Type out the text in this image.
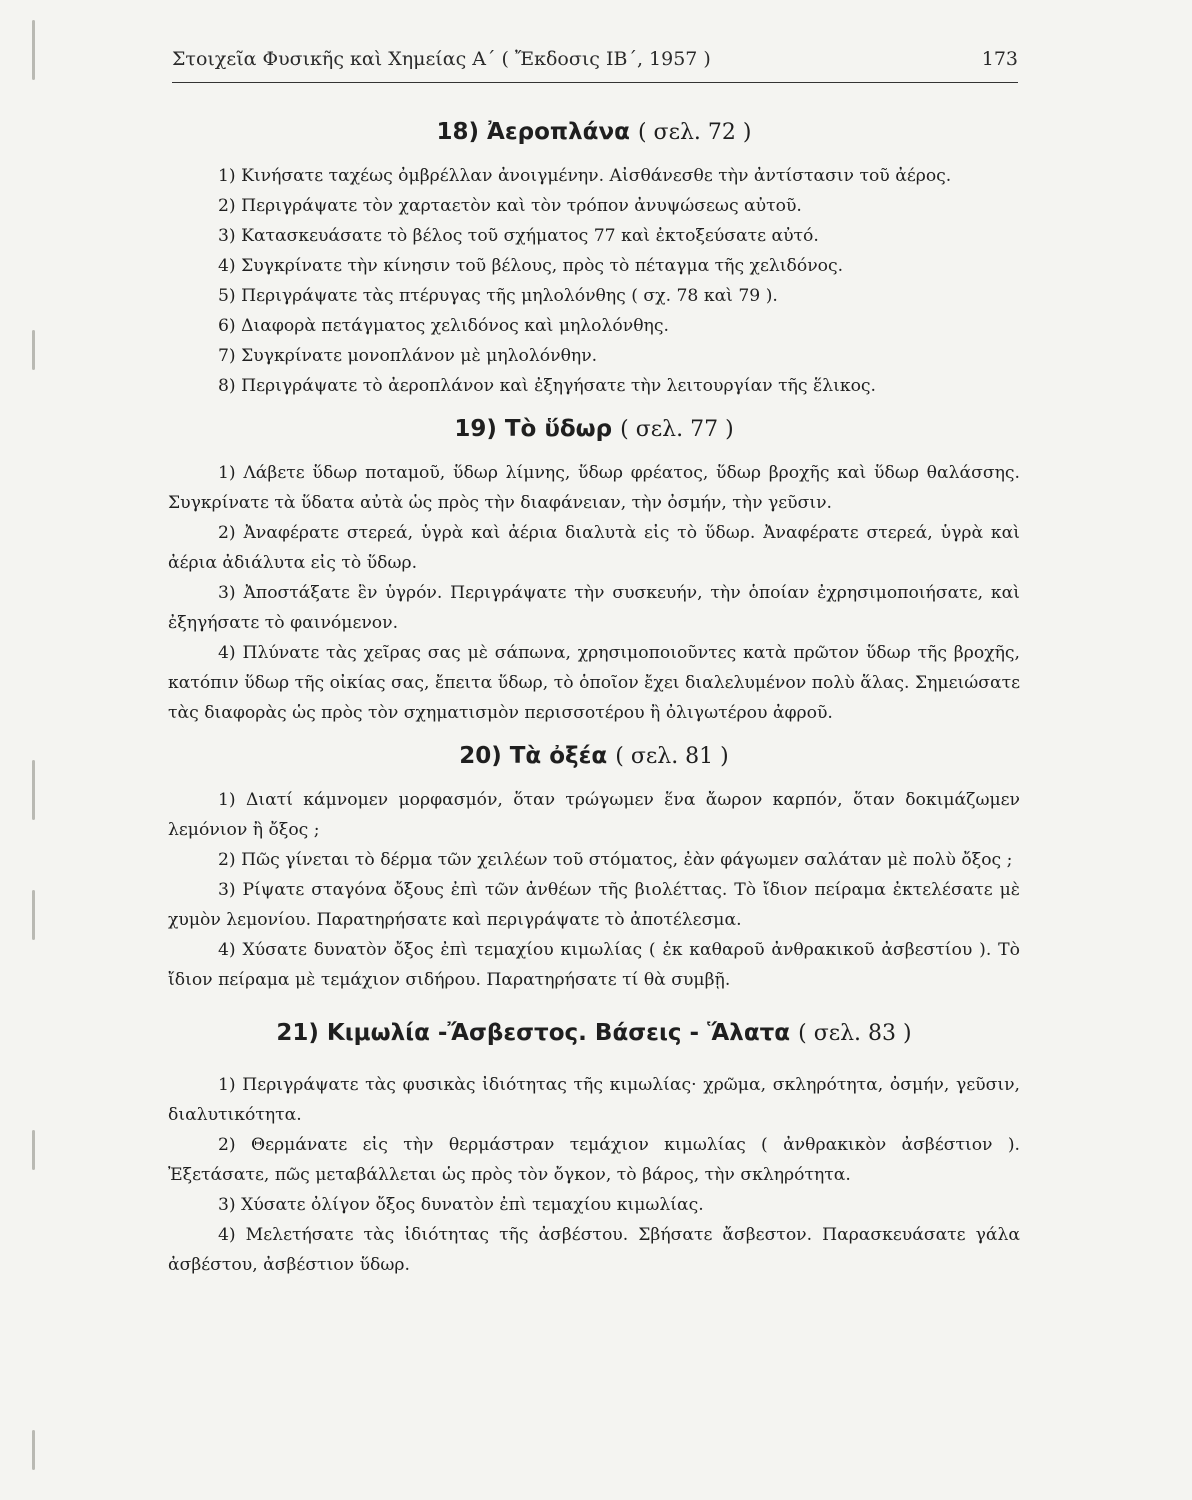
Στοιχεῖα Φυσικῆς καὶ Χημείας Α΄ ( Ἔκδοσις ΙΒ΄, 1957 )	173
18) Ἀεροπλάνα ( σελ. 72 )

1) Κινήσατε ταχέως ὀμβρέλλαν ἀνοιγμένην. Αἰσθάνεσθε τὴν ἀντίστασιν τοῦ ἀέρος.

2) Περιγράψατε τὸν χαρταετὸν καὶ τὸν τρόπον ἀνυψώσεως αὐτοῦ.

3) Κατασκευάσατε τὸ βέλος τοῦ σχήματος 77 καὶ ἐκτοξεύσατε αὐτό.

4) Συγκρίνατε τὴν κίνησιν τοῦ βέλους, πρὸς τὸ πέταγμα τῆς χελιδόνος.

5) Περιγράψατε τὰς πτέρυγας τῆς μηλολόνθης ( σχ. 78 καὶ 79 ).

6) Διαφορὰ πετάγματος χελιδόνος καὶ μηλολόνθης.

7) Συγκρίνατε μονοπλάνον μὲ μηλολόνθην.

8) Περιγράψατε τὸ ἀεροπλάνον καὶ ἐξηγήσατε τὴν λειτουργίαν τῆς ἕλικος.

19) Τὸ ὕδωρ ( σελ. 77 )

1) Λάβετε ὕδωρ ποταμοῦ, ὕδωρ λίμνης, ὕδωρ φρέατος, ὕδωρ βροχῆς καὶ ὕδωρ θαλάσσης. Συγκρίνατε τὰ ὕδατα αὐτὰ ὡς πρὸς τὴν διαφάνειαν, τὴν ὀσμήν, τὴν γεῦσιν.

2) Ἀναφέρατε στερεά, ὑγρὰ καὶ ἀέρια διαλυτὰ εἰς τὸ ὕδωρ. Ἀναφέρατε στερεά, ὑγρὰ καὶ ἀέρια ἀδιάλυτα εἰς τὸ ὕδωρ.

3) Ἀποστάξατε ἓν ὑγρόν. Περιγράψατε τὴν συσκευήν, τὴν ὁποίαν ἐχρησιμοποιήσατε, καὶ ἐξηγήσατε τὸ φαινόμενον.

4) Πλύνατε τὰς χεῖρας σας μὲ σάπωνα, χρησιμοποιοῦντες κατὰ πρῶτον ὕδωρ τῆς βροχῆς, κατόπιν ὕδωρ τῆς οἰκίας σας, ἔπειτα ὕδωρ, τὸ ὁποῖον ἔχει διαλελυμένον πολὺ ἅλας. Σημειώσατε τὰς διαφορὰς ὡς πρὸς τὸν σχηματισμὸν περισσοτέρου ἢ ὀλιγωτέρου ἀφροῦ.

20) Τὰ ὀξέα ( σελ. 81 )

1) Διατί κάμνομεν μορφασμόν, ὅταν τρώγωμεν ἕνα ἄωρον καρπόν, ὅταν δοκιμάζωμεν λεμόνιον ἢ ὄξος ;

2) Πῶς γίνεται τὸ δέρμα τῶν χειλέων τοῦ στόματος, ἐὰν φάγωμεν σαλάταν μὲ πολὺ ὄξος ;

3) Ρίψατε σταγόνα ὄξους ἐπὶ τῶν ἀνθέων τῆς βιολέττας. Τὸ ἴδιον πείραμα ἐκτελέσατε μὲ χυμὸν λεμονίου. Παρατηρήσατε καὶ περιγράψατε τὸ ἀποτέλεσμα.

4) Χύσατε δυνατὸν ὄξος ἐπὶ τεμαχίου κιμωλίας ( ἐκ καθαροῦ ἀνθρακικοῦ ἀσβεστίου ). Τὸ ἴδιον πείραμα μὲ τεμάχιον σιδήρου. Παρατηρήσατε τί θὰ συμβῇ.

21) Κιμωλία -Ἄσβεστος. Βάσεις - Ἅλατα ( σελ. 83 )

1) Περιγράψατε τὰς φυσικὰς ἰδιότητας τῆς κιμωλίας· χρῶμα, σκληρότητα, ὀσμήν, γεῦσιν, διαλυτικότητα.

2) Θερμάνατε εἰς τὴν θερμάστραν τεμάχιον κιμωλίας ( ἀνθρακικὸν ἀσβέστιον ). Ἐξετάσατε, πῶς μεταβάλλεται ὡς πρὸς τὸν ὄγκον, τὸ βάρος, τὴν σκληρότητα.

3) Χύσατε ὀλίγον ὄξος δυνατὸν ἐπὶ τεμαχίου κιμωλίας.

4) Μελετήσατε τὰς ἰδιότητας τῆς ἀσβέστου. Σβήσατε ἄσβεστον. Παρασκευάσατε γάλα ἀσβέστου, ἀσβέστιον ὕδωρ.
